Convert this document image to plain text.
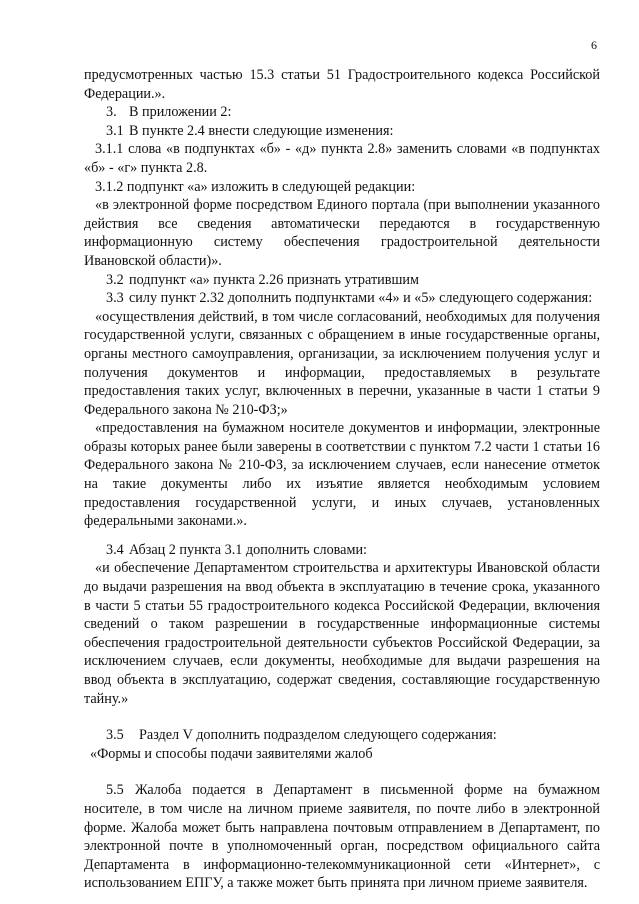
6

предусмотренных частью 15.3 статьи 51 Градостроительного кодекса Российской Федерации.».

3. В приложении 2:

3.1 В пункте 2.4 внести следующие изменения:

3.1.1 слова «в подпунктах «б» - «д» пункта 2.8» заменить словами «в подпунктах «б» - «г» пункта 2.8.

3.1.2 подпункт «а» изложить в следующей редакции:

«в электронной форме посредством Единого портала (при выполнении указанного действия все сведения автоматически передаются в государственную информационную систему обеспечения градостроительной деятельности Ивановской области)».

3.2 подпункт «а» пункта 2.26 признать утратившим

3.3 силу пункт 2.32 дополнить подпунктами «4» и «5» следующего содержания:

«осуществления действий, в том числе согласований, необходимых для получения государственной услуги, связанных с обращением в иные государственные органы, органы местного самоуправления, организации, за исключением получения услуг и получения документов и информации, предоставляемых в результате предоставления таких услуг, включенных в перечни, указанные в части 1 статьи 9 Федерального закона № 210-ФЗ;»

«предоставления на бумажном носителе документов и информации, электронные образы которых ранее были заверены в соответствии с пунктом 7.2 части 1 статьи 16 Федерального закона № 210-ФЗ, за исключением случаев, если нанесение отметок на такие документы либо их изъятие является необходимым условием предоставления государственной услуги, и иных случаев, установленных федеральными законами.».

3.4 Абзац 2 пункта 3.1 дополнить словами:

«и обеспечение Департаментом строительства и архитектуры Ивановской области до выдачи разрешения на ввод объекта в эксплуатацию в течение срока, указанного в части 5 статьи 55 градостроительного кодекса Российской Федерации, включения сведений о таком разрешении в государственные информационные системы обеспечения градостроительной деятельности субъектов Российской Федерации, за исключением случаев, если документы, необходимые для выдачи разрешения на ввод объекта в эксплуатацию, содержат сведения, составляющие государственную тайну.»

3.5 Раздел V дополнить подразделом следующего содержания:

«Формы и способы подачи заявителями жалоб

5.5 Жалоба подается в Департамент в письменной форме на бумажном носителе, в том числе на личном приеме заявителя, по почте либо в электронной форме. Жалоба может быть направлена почтовым отправлением в Департамент, по электронной почте в уполномоченный орган, посредством официального сайта Департамента в информационно-телекоммуникационной сети «Интернет», с использованием ЕПГУ, а также может быть принята при личном приеме заявителя.
